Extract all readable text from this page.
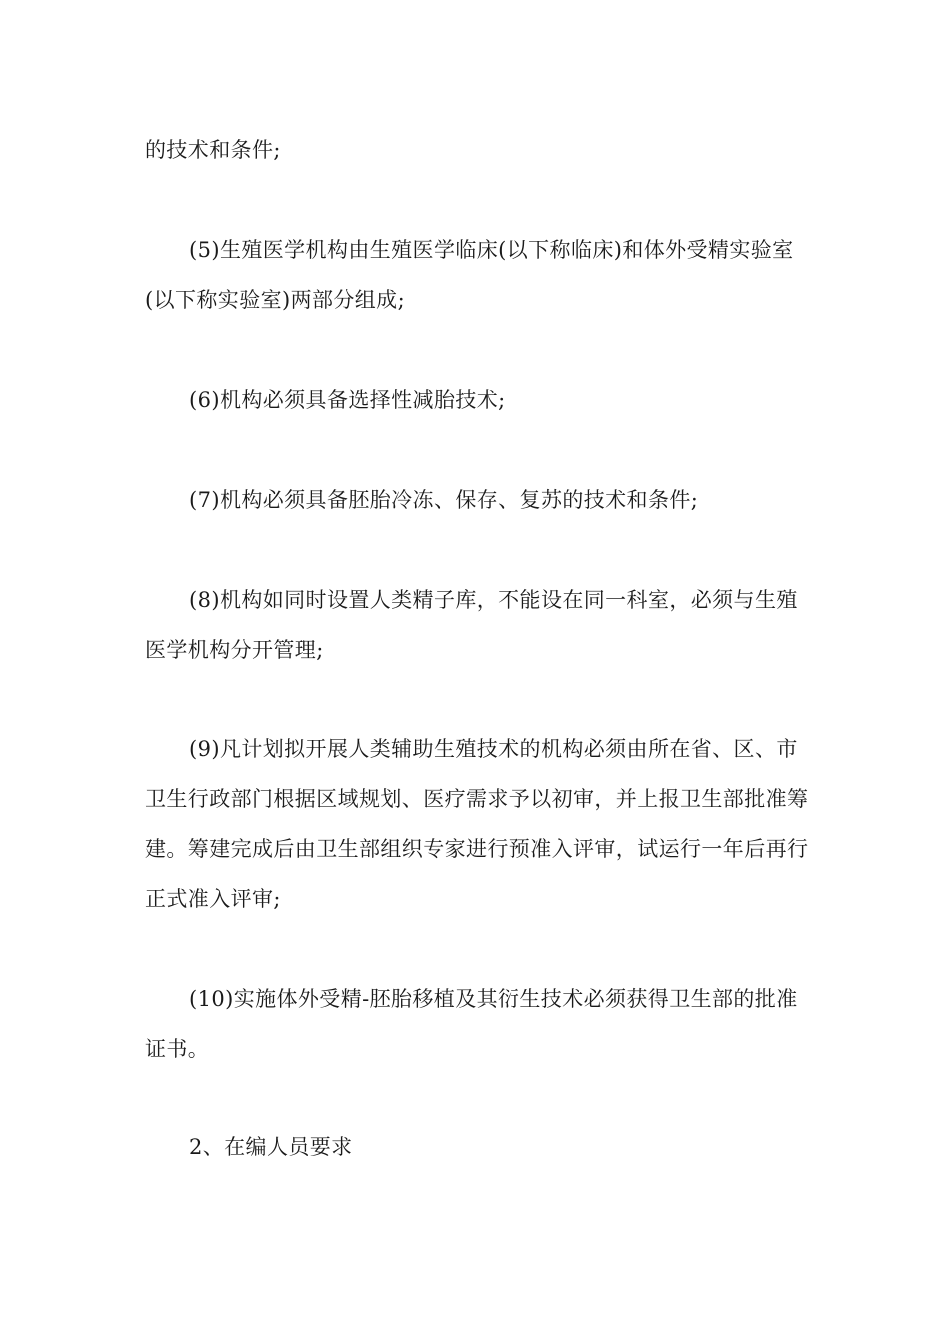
的技术和条件;

(5)生殖医学机构由生殖医学临床(以下称临床)和体外受精实验室(以下称实验室)两部分组成;

(6)机构必须具备选择性减胎技术;

(7)机构必须具备胚胎冷冻、保存、复苏的技术和条件;

(8)机构如同时设置人类精子库，不能设在同一科室，必须与生殖医学机构分开管理;

(9)凡计划拟开展人类辅助生殖技术的机构必须由所在省、区、市卫生行政部门根据区域规划、医疗需求予以初审，并上报卫生部批准筹建。筹建完成后由卫生部组织专家进行预准入评审，试运行一年后再行正式准入评审;

(10)实施体外受精-胚胎移植及其衍生技术必须获得卫生部的批准证书。

2、在编人员要求
